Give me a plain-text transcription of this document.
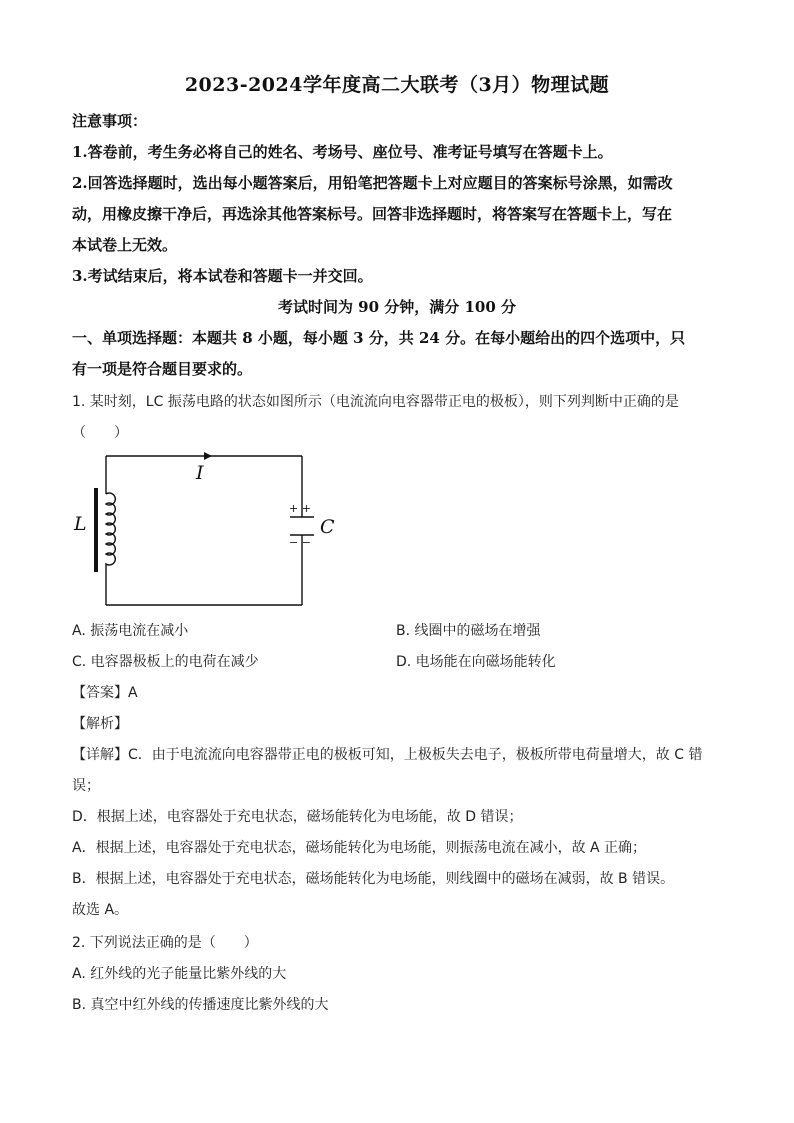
2023-2024学年度高二大联考（3月）物理试题
注意事项：
1.答卷前，考生务必将自己的姓名、考场号、座位号、准考证号填写在答题卡上。
2.回答选择题时，选出每小题答案后，用铅笔把答题卡上对应题目的答案标号涂黑，如需改
动，用橡皮擦干净后，再选涂其他答案标号。回答非选择题时，将答案写在答题卡上，写在
本试卷上无效。
3.考试结束后，将本试卷和答题卡一并交回。
考试时间为 90 分钟，满分 100 分
一、单项选择题：本题共 8 小题，每小题 3 分，共 24 分。在每小题给出的四个选项中，只
有一项是符合题目要求的。
1. 某时刻，LC 振荡电路的状态如图所示（电流流向电容器带正电的极板），则下列判断中正确的是
（　　）
I
L	C
+ +
− −
A. 振荡电流在减小	B. 线圈中的磁场在增强
C. 电容器极板上的电荷在减少	D. 电场能在向磁场能转化
【答案】A
【解析】
【详解】C．由于电流流向电容器带正电的极板可知，上极板失去电子，极板所带电荷量增大，故 C 错
误；
D．根据上述，电容器处于充电状态，磁场能转化为电场能，故 D 错误；
A．根据上述，电容器处于充电状态，磁场能转化为电场能，则振荡电流在减小，故 A 正确；
B．根据上述，电容器处于充电状态，磁场能转化为电场能，则线圈中的磁场在减弱，故 B 错误。
故选 A。
2. 下列说法正确的是（　　）
A. 红外线的光子能量比紫外线的大
B. 真空中红外线的传播速度比紫外线的大
